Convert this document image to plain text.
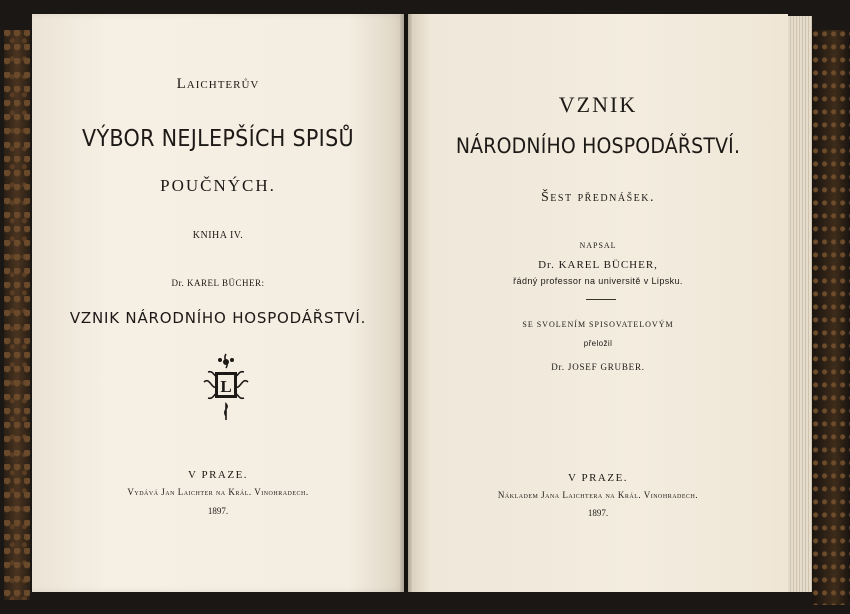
Laichterův

VÝBOR NEJLEPŠÍCH SPISŮ

POUČNÝCH.

KNIHA IV.

Dr. KAREL BÜCHER:

VZNIK NÁRODNÍHO HOSPODÁŘSTVÍ.

L

V PRAZE.

Vydává Jan Laichter na Král. Vinohradech.

1897.

VZNIK

NÁRODNÍHO HOSPODÁŘSTVÍ.

Šest přednášek.

NAPSAL

Dr. KAREL BÜCHER,

řádný professor na universitě v Lipsku.

SE SVOLENÍM SPISOVATELOVÝM

přeložil

Dr. JOSEF GRUBER.

V PRAZE.

Nákladem Jana Laichtera na Král. Vinohradech.

1897.
